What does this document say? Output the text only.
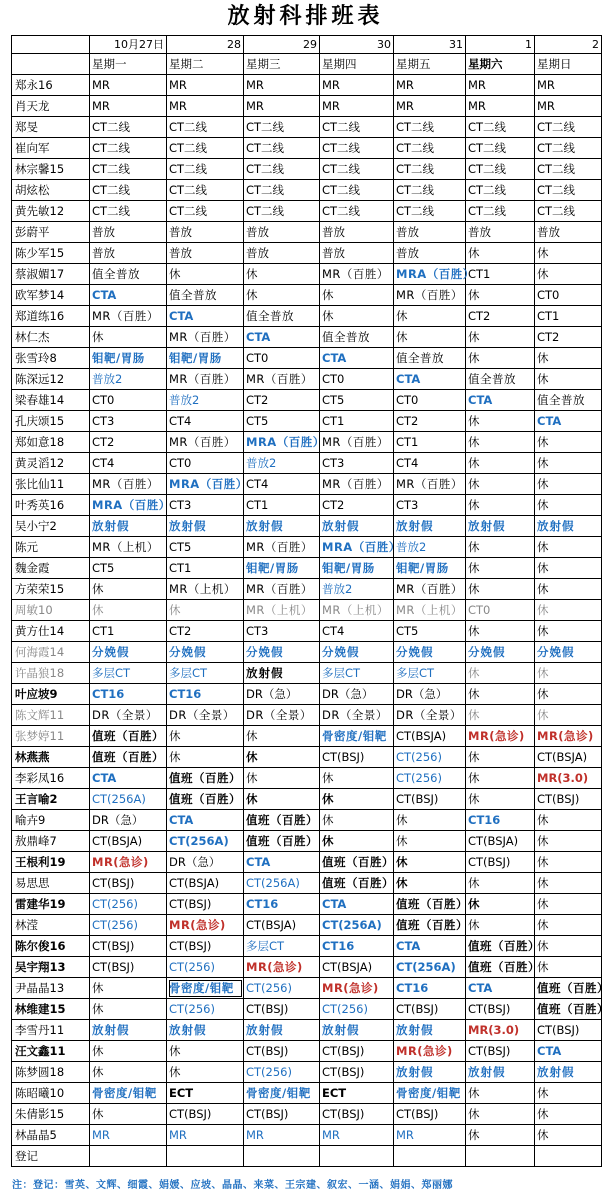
放射科排班表
	10月27日	28	29	30	31	1	2
	星期一	星期二	星期三	星期四	星期五	星期六	星期日
郑永16	MR	MR	MR	MR	MR	MR	MR
肖天龙	MR	MR	MR	MR	MR	MR	MR
郑旻	CT二线	CT二线	CT二线	CT二线	CT二线	CT二线	CT二线
崔向军	CT二线	CT二线	CT二线	CT二线	CT二线	CT二线	CT二线
林宗馨15	CT二线	CT二线	CT二线	CT二线	CT二线	CT二线	CT二线
胡炫松	CT二线	CT二线	CT二线	CT二线	CT二线	CT二线	CT二线
黄先敏12	CT二线	CT二线	CT二线	CT二线	CT二线	CT二线	CT二线
彭蔚平	普放	普放	普放	普放	普放	普放	普放
陈少军15	普放	普放	普放	普放	普放	休	休
蔡淑媚17	值全普放	休	休	MR（百胜）	MRA（百胜）	CT1	休
欧军梦14	CTA	值全普放	休	休	MR（百胜）	休	CT0
郑道练16	MR（百胜）	CTA	值全普放	休	休	CT2	CT1
林仁杰	休	MR（百胜）	CTA	值全普放	休	休	CT2
张雪玲8	钼靶/胃肠	钼靶/胃肠	CT0	CTA	值全普放	休	休
陈深远12	普放2	MR（百胜）	MR（百胜）	CT0	CTA	值全普放	休
梁春雄14	CT0	普放2	CT2	CT5	CT0	CTA	值全普放
孔庆颂15	CT3	CT4	CT5	CT1	CT2	休	CTA
郑如意18	CT2	MR（百胜）	MRA（百胜）	MR（百胜）	CT1	休	休
黄灵滔12	CT4	CT0	普放2	CT3	CT4	休	休
张比仙11	MR（百胜）	MRA（百胜）	CT4	MR（百胜）	MR（百胜）	休	休
叶秀英16	MRA（百胜）	CT3	CT1	CT2	CT3	休	休
吴小宁2	放射假	放射假	放射假	放射假	放射假	放射假	放射假
陈元	MR（上机）	CT5	MR（百胜）	MRA（百胜）	普放2	休	休
魏金霞	CT5	CT1	钼靶/胃肠	钼靶/胃肠	钼靶/胃肠	休	休
方荣荣15	休	MR（上机）	MR（百胜）	普放2	MR（百胜）	休	休
周敏10	休	休	MR（上机）	MR（上机）	MR（上机）	CT0	休
黄方仕14	CT1	CT2	CT3	CT4	CT5	休	休
何海霞14	分娩假	分娩假	分娩假	分娩假	分娩假	分娩假	分娩假
许晶狼18	多层CT	多层CT	放射假	多层CT	多层CT	休	休
叶应坡9	CT16	CT16	DR（急）	DR（急）	DR（急）	休	休
陈文辉11	DR（全景）	DR（全景）	DR（全景）	DR（全景）	DR（全景）	休	休
张梦婷11	值班（百胜）	休	休	骨密度/钼靶	CT(BSJA)	MR(急诊)	MR(急诊)
林燕燕	值班（百胜）	休	休	CT(BSJ)	CT(256)	休	CT(BSJA)
李彩凤16	CTA	值班（百胜）	休	休	CT(256)	休	MR(3.0)
王言喻2	CT(256A)	值班（百胜）	休	休	CT(BSJ)	休	CT(BSJ)
喻卉9	DR（急）	CTA	值班（百胜）	休	休	CT16	休
敖鼎峰7	CT(BSJA)	CT(256A)	值班（百胜）	休	休	CT(BSJA)	休
王根利19	MR(急诊)	DR（急）	CTA	值班（百胜）	休	CT(BSJ)	休
易思思	CT(BSJ)	CT(BSJA)	CT(256A)	值班（百胜）	休	休	休
雷建华19	CT(256)	CT(BSJ)	CT16	CTA	值班（百胜）	休	休
林滢	CT(256)	MR(急诊)	CT(BSJA)	CT(256A)	值班（百胜）	休	休
陈尔俊16	CT(BSJ)	CT(BSJ)	多层CT	CT16	CTA	值班（百胜）	休
吴宇翔13	CT(BSJ)	CT(256)	MR(急诊)	CT(BSJA)	CT(256A)	值班（百胜）	休
尹晶晶13	休	骨密度/钼靶	CT(256)	MR(急诊)	CT16	CTA	值班（百胜）
林维建15	休	CT(256)	CT(BSJ)	CT(256)	CT(BSJ)	CT(BSJ)	值班（百胜）
李雪丹11	放射假	放射假	放射假	放射假	放射假	MR(3.0)	CT(BSJ)
汪文鑫11	休	休	CT(BSJ)	CT(BSJ)	MR(急诊)	CT(BSJ)	CTA
陈梦圆18	休	休	CT(256)	CT(BSJ)	放射假	放射假	放射假
陈昭曦10	骨密度/钼靶	ECT	骨密度/钼靶	ECT	骨密度/钼靶	休	休
朱倩影15	休	CT(BSJ)	CT(BSJ)	CT(BSJ)	CT(BSJ)	休	休
林晶晶5	MR	MR	MR	MR	MR	休	休
登记							
注：登记：雪英、文辉、细霞、娟媛、应坡、晶晶、来菜、王宗建、叙宏、一涵、娟娟、郑丽娜
